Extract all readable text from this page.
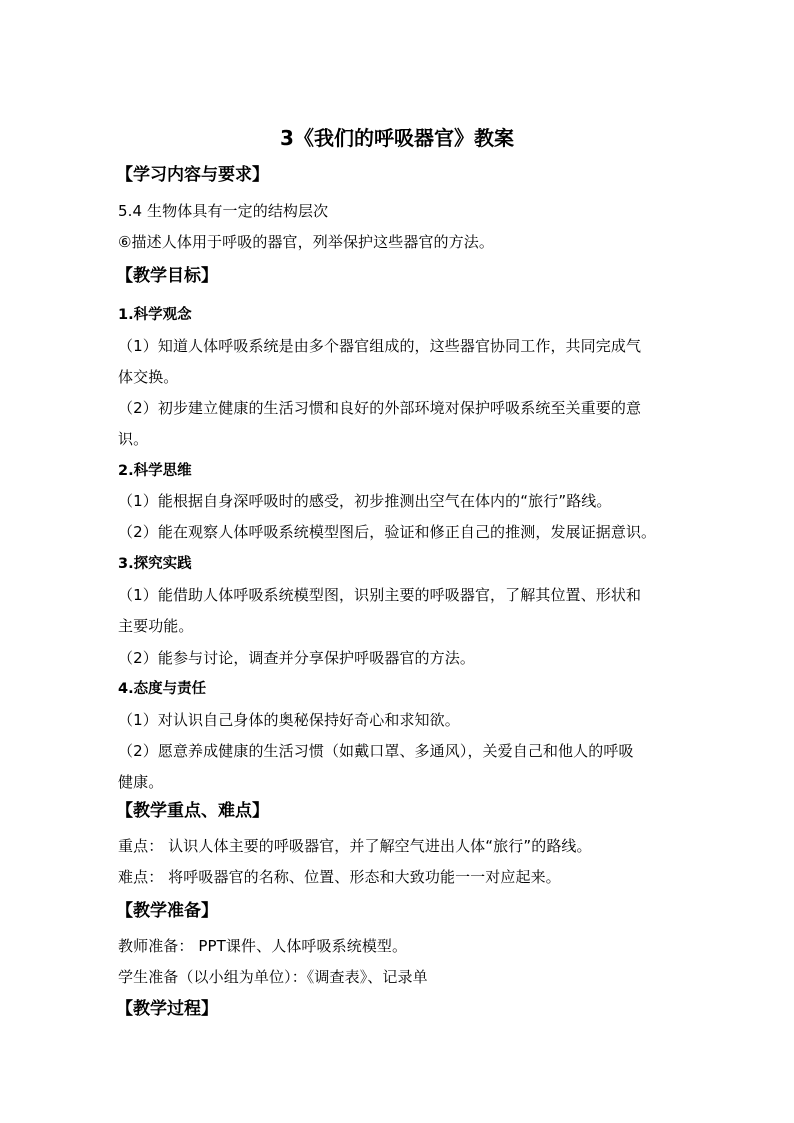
3《我们的呼吸器官》教案
【学习内容与要求】
5.4 生物体具有一定的结构层次
⑥描述人体用于呼吸的器官，列举保护这些器官的方法。
【教学目标】
1.科学观念
（1）知道人体呼吸系统是由多个器官组成的，这些器官协同工作，共同完成气
体交换。
（2）初步建立健康的生活习惯和良好的外部环境对保护呼吸系统至关重要的意
识。
2.科学思维
（1）能根据自身深呼吸时的感受，初步推测出空气在体内的“旅行”路线。
（2）能在观察人体呼吸系统模型图后，验证和修正自己的推测，发展证据意识。
3.探究实践
（1）能借助人体呼吸系统模型图，识别主要的呼吸器官，了解其位置、形状和
主要功能。
（2）能参与讨论，调查并分享保护呼吸器官的方法。
4.态度与责任
（1）对认识自己身体的奥秘保持好奇心和求知欲。
（2）愿意养成健康的生活习惯（如戴口罩、多通风），关爱自己和他人的呼吸
健康。
【教学重点、难点】
重点： 认识人体主要的呼吸器官，并了解空气进出人体“旅行”的路线。
难点： 将呼吸器官的名称、位置、形态和大致功能一一对应起来。
【教学准备】
教师准备： PPT课件、人体呼吸系统模型。
学生准备（以小组为单位）：《调查表》、记录单
【教学过程】
